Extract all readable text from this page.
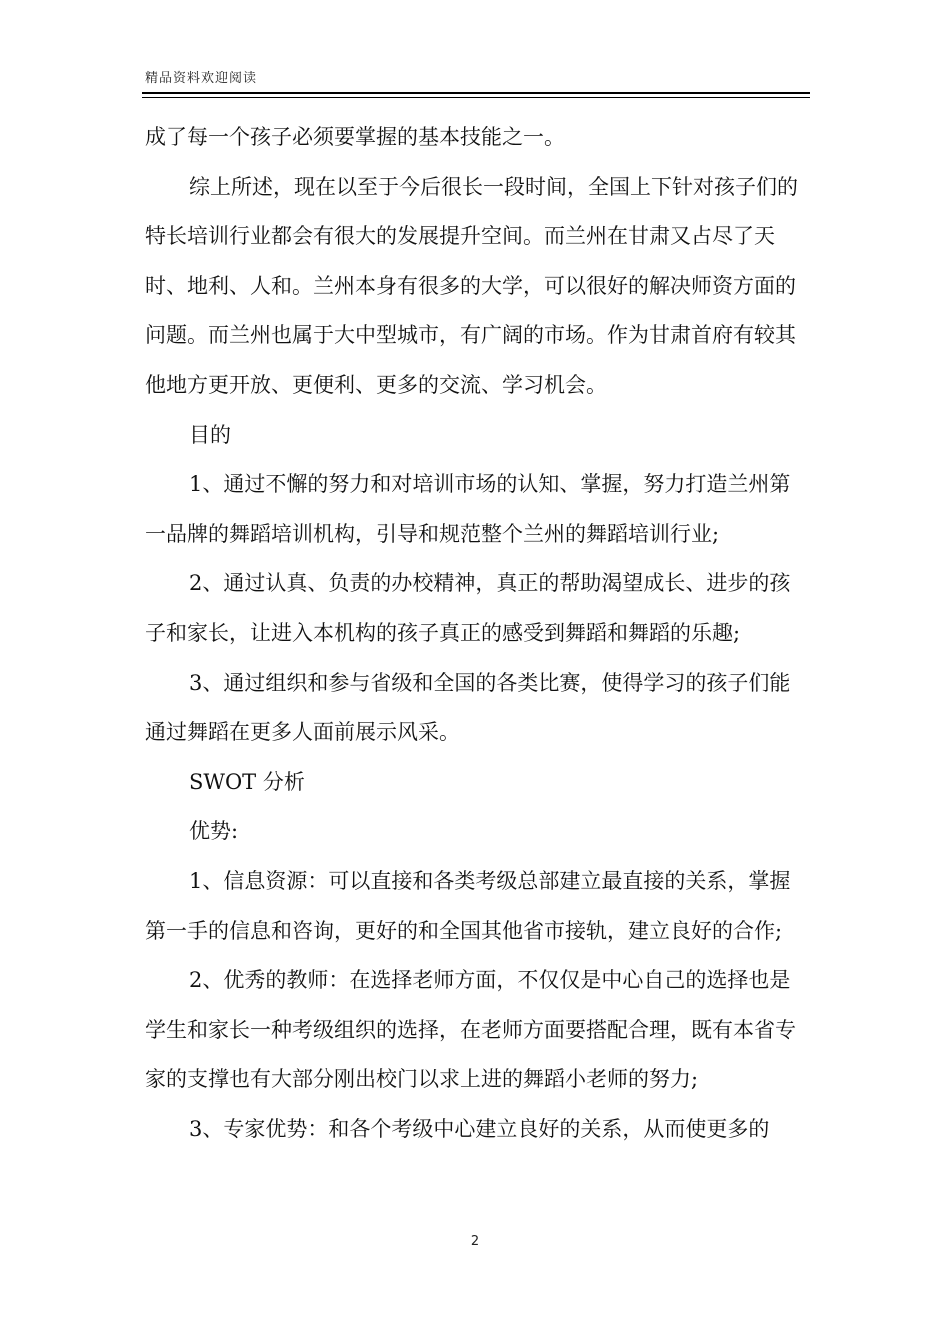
精品资料欢迎阅读

成了每一个孩子必须要掌握的基本技能之一。

综上所述，现在以至于今后很长一段时间，全国上下针对孩子们的特长培训行业都会有很大的发展提升空间。而兰州在甘肃又占尽了天时、地利、人和。兰州本身有很多的大学，可以很好的解决师资方面的问题。而兰州也属于大中型城市，有广阔的市场。作为甘肃首府有较其他地方更开放、更便利、更多的交流、学习机会。

目的

1、通过不懈的努力和对培训市场的认知、掌握，努力打造兰州第一品牌的舞蹈培训机构，引导和规范整个兰州的舞蹈培训行业;

2、通过认真、负责的办校精神，真正的帮助渴望成长、进步的孩子和家长，让进入本机构的孩子真正的感受到舞蹈和舞蹈的乐趣;

3、通过组织和参与省级和全国的各类比赛，使得学习的孩子们能通过舞蹈在更多人面前展示风采。

SWOT 分析

优势:

1、信息资源：可以直接和各类考级总部建立最直接的关系，掌握第一手的信息和咨询，更好的和全国其他省市接轨，建立良好的合作;

2、优秀的教师：在选择老师方面，不仅仅是中心自己的选择也是学生和家长一种考级组织的选择，在老师方面要搭配合理，既有本省专家的支撑也有大部分刚出校门以求上进的舞蹈小老师的努力;

3、专家优势：和各个考级中心建立良好的关系，从而使更多的

2
